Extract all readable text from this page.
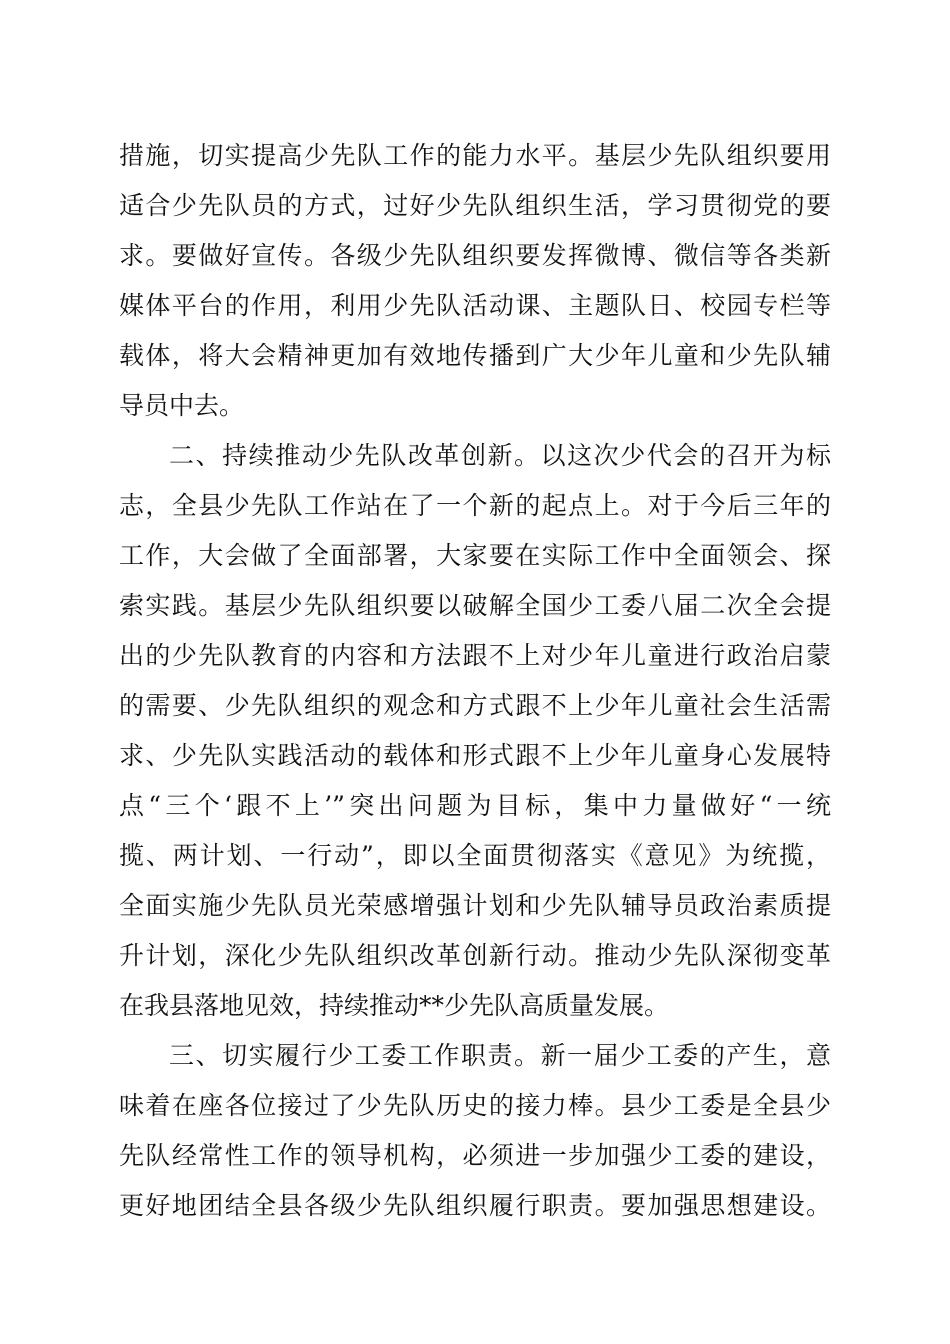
措施，切实提高少先队工作的能力水平。基层少先队组织要用
适合少先队员的方式，过好少先队组织生活，学习贯彻党的要
求。要做好宣传。各级少先队组织要发挥微博、微信等各类新
媒体平台的作用，利用少先队活动课、主题队日、校园专栏等
载体，将大会精神更加有效地传播到广大少年儿童和少先队辅
导员中去。
二、持续推动少先队改革创新。以这次少代会的召开为标
志，全县少先队工作站在了一个新的起点上。对于今后三年的
工作，大会做了全面部署，大家要在实际工作中全面领会、探
索实践。基层少先队组织要以破解全国少工委八届二次全会提
出的少先队教育的内容和方法跟不上对少年儿童进行政治启蒙
的需要、少先队组织的观念和方式跟不上少年儿童社会生活需
求、少先队实践活动的载体和形式跟不上少年儿童身心发展特
点“三个‘跟不上’”突出问题为目标，集中力量做好“一统
揽、两计划、一行动”，即以全面贯彻落实《意见》为统揽，
全面实施少先队员光荣感增强计划和少先队辅导员政治素质提
升计划，深化少先队组织改革创新行动。推动少先队深彻变革
在我县落地见效，持续推动**少先队高质量发展。
三、切实履行少工委工作职责。新一届少工委的产生，意
味着在座各位接过了少先队历史的接力棒。县少工委是全县少
先队经常性工作的领导机构，必须进一步加强少工委的建设，
更好地团结全县各级少先队组织履行职责。要加强思想建设。
